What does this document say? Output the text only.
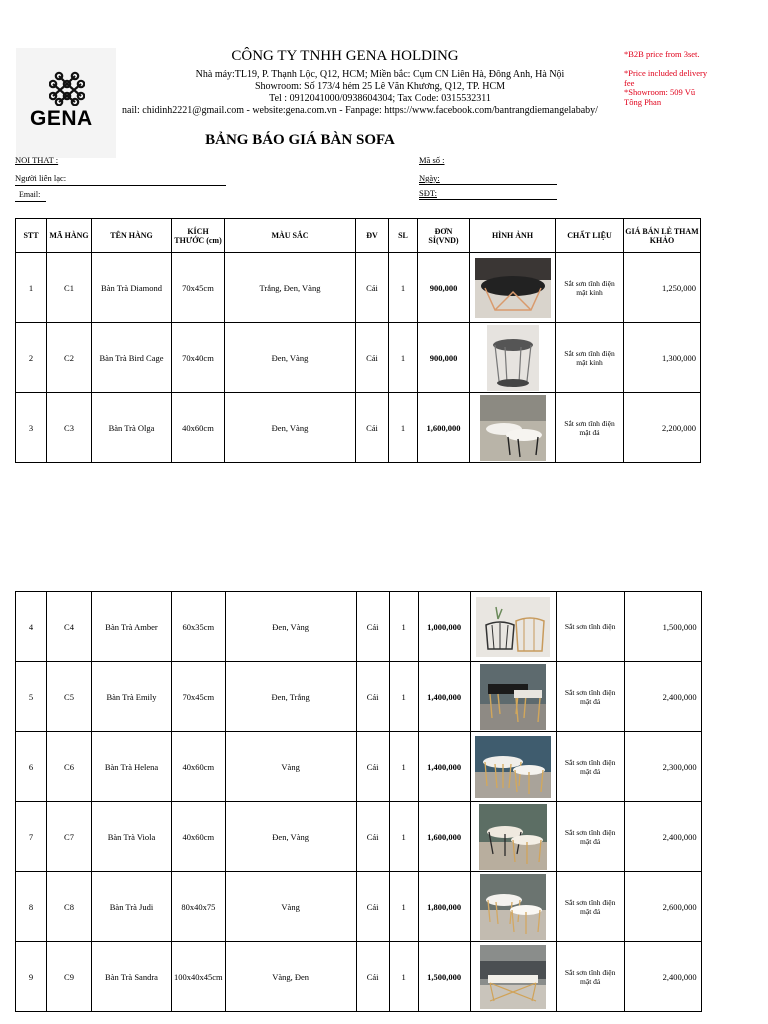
GENA
CÔNG TY TNHH GENA HOLDING
Nhà máy:TL19, P. Thạnh Lộc, Q12, HCM; Miền bắc: Cụm CN Liên Hà, Đông Anh, Hà Nội
Showroom: Số 173/4 hẻm 25 Lê Văn Khương, Q12, TP. HCM
Tel : 0912041000/0938604304; Tax Code: 0315532311
nail: chidinh2221@gmail.com - website:gena.com.vn - Fanpage: https://www.facebook.com/bantrangdiemangelababy/
*B2B price from 3set.
*Price included delivery fee
*Showroom: 509 Vũ Tông Phan
BẢNG BÁO GIÁ BÀN SOFA
NOI THAT :
Người liên lạc:
Email:
Mã số :
Ngày:
SĐT:
STT	MÃ HÀNG	TÊN HÀNG	KÍCH THƯỚC (cm)	MÀU SẮC	ĐV	SL	ĐƠN SỈ(VND)	HÌNH ẢNH	CHẤT LIỆU	GIÁ BÁN LẺ THAM KHẢO
1	C1	Bàn Trà Diamond	70x45cm	Trắng, Đen, Vàng	Cái	1	900,000		Sắt sơn tĩnh điện mặt kính	1,250,000
2	C2	Bàn Trà Bird Cage	70x40cm	Đen, Vàng	Cái	1	900,000		Sắt sơn tĩnh điện mặt kính	1,300,000
3	C3	Bàn Trà Olga	40x60cm	Đen, Vàng	Cái	1	1,600,000		Sắt sơn tĩnh điện mặt đá	2,200,000
4	C4	Bàn Trà Amber	60x35cm	Đen, Vàng	Cái	1	1,000,000		Sắt sơn tĩnh điện	1,500,000
5	C5	Bàn Trà Emily	70x45cm	Đen, Trắng	Cái	1	1,400,000		Sắt sơn tĩnh điện mặt đá	2,400,000
6	C6	Bàn Trà Helena	40x60cm	Vàng	Cái	1	1,400,000		Sắt sơn tĩnh điện mặt đá	2,300,000
7	C7	Bàn Trà Viola	40x60cm	Đen, Vàng	Cái	1	1,600,000		Sắt sơn tĩnh điện mặt đá	2,400,000
8	C8	Bàn Trà Judi	80x40x75	Vàng	Cái	1	1,800,000		Sắt sơn tĩnh điện mặt đá	2,600,000
9	C9	Bàn Trà Sandra	100x40x45cm	Vàng, Đen	Cái	1	1,500,000		Sắt sơn tĩnh điện mặt đá	2,400,000
